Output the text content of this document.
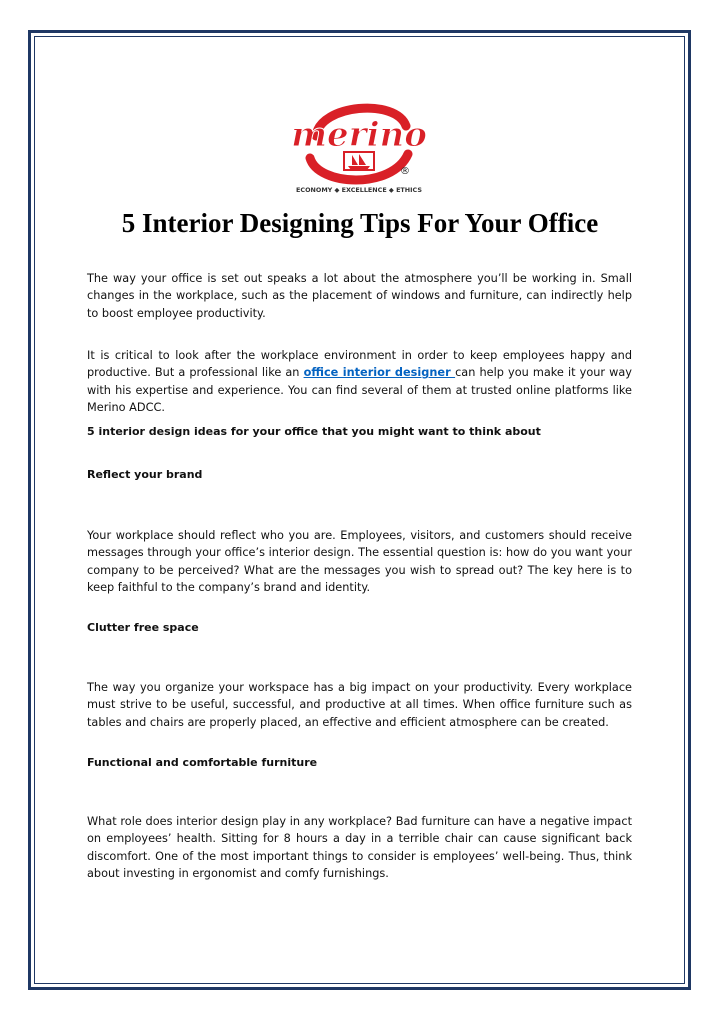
merino
®
ECONOMY ◆ EXCELLENCE ◆ ETHICS
5 Interior Designing Tips For Your Office

The way your office is set out speaks a lot about the atmosphere you’ll be working in. Small changes in the workplace, such as the placement of windows and furniture, can indirectly help to boost employee productivity.

It is critical to look after the workplace environment in order to keep employees happy and productive. But a professional like an office interior designer can help you make it your way with his expertise and experience. You can find several of them at trusted online platforms like Merino ADCC.

5 interior design ideas for your office that you might want to think about

Reflect your brand

Your workplace should reflect who you are. Employees, visitors, and customers should receive messages through your office’s interior design. The essential question is: how do you want your company to be perceived? What are the messages you wish to spread out? The key here is to keep faithful to the company’s brand and identity.

Clutter free space

The way you organize your workspace has a big impact on your productivity. Every workplace must strive to be useful, successful, and productive at all times. When office furniture such as tables and chairs are properly placed, an effective and efficient atmosphere can be created.

Functional and comfortable furniture

What role does interior design play in any workplace? Bad furniture can have a negative impact on employees’ health. Sitting for 8 hours a day in a terrible chair can cause significant back discomfort. One of the most important things to consider is employees’ well-being. Thus, think about investing in ergonomist and comfy furnishings.
